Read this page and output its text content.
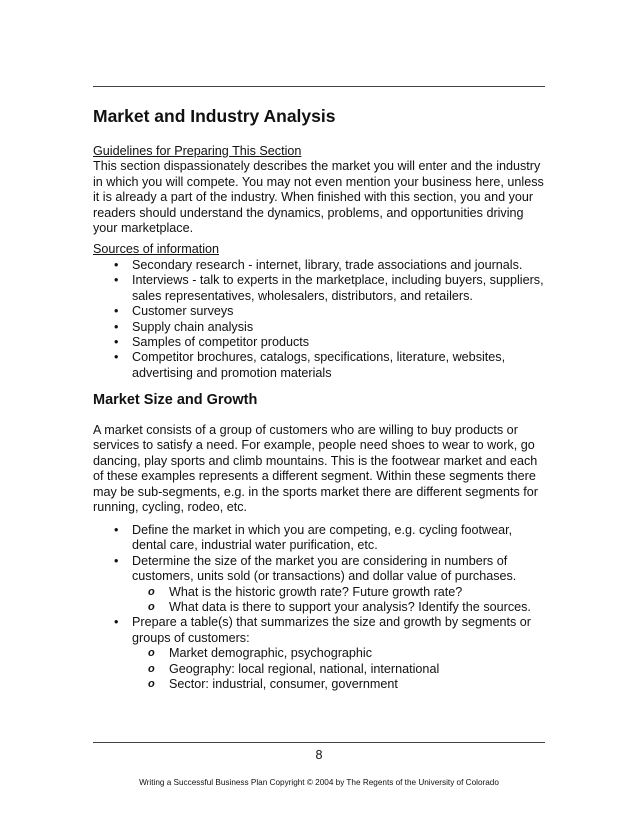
Market and Industry Analysis
Guidelines for Preparing This Section
This section dispassionately describes the market you will enter and the industry
in which you will compete. You may not even mention your business here, unless
it is already a part of the industry. When finished with this section, you and your
readers should understand the dynamics, problems, and opportunities driving
your marketplace.
Sources of information
• Secondary research - internet, library, trade associations and journals.
• Interviews - talk to experts in the marketplace, including buyers, suppliers,
sales representatives, wholesalers, distributors, and retailers.
• Customer surveys
• Supply chain analysis
• Samples of competitor products
• Competitor brochures, catalogs, specifications, literature, websites,
advertising and promotion materials
Market Size and Growth
A market consists of a group of customers who are willing to buy products or
services to satisfy a need. For example, people need shoes to wear to work, go
dancing, play sports and climb mountains. This is the footwear market and each
of these examples represents a different segment. Within these segments there
may be sub-segments, e.g. in the sports market there are different segments for
running, cycling, rodeo, etc.
• Define the market in which you are competing, e.g. cycling footwear,
dental care, industrial water purification, etc.
• Determine the size of the market you are considering in numbers of
customers, units sold (or transactions) and dollar value of purchases.
o What is the historic growth rate? Future growth rate?
o What data is there to support your analysis? Identify the sources.
• Prepare a table(s) that summarizes the size and growth by segments or
groups of customers:
o Market demographic, psychographic
o Geography: local regional, national, international
o Sector: industrial, consumer, government
8
Writing a Successful Business Plan Copyright © 2004 by The Regents of the University of Colorado
